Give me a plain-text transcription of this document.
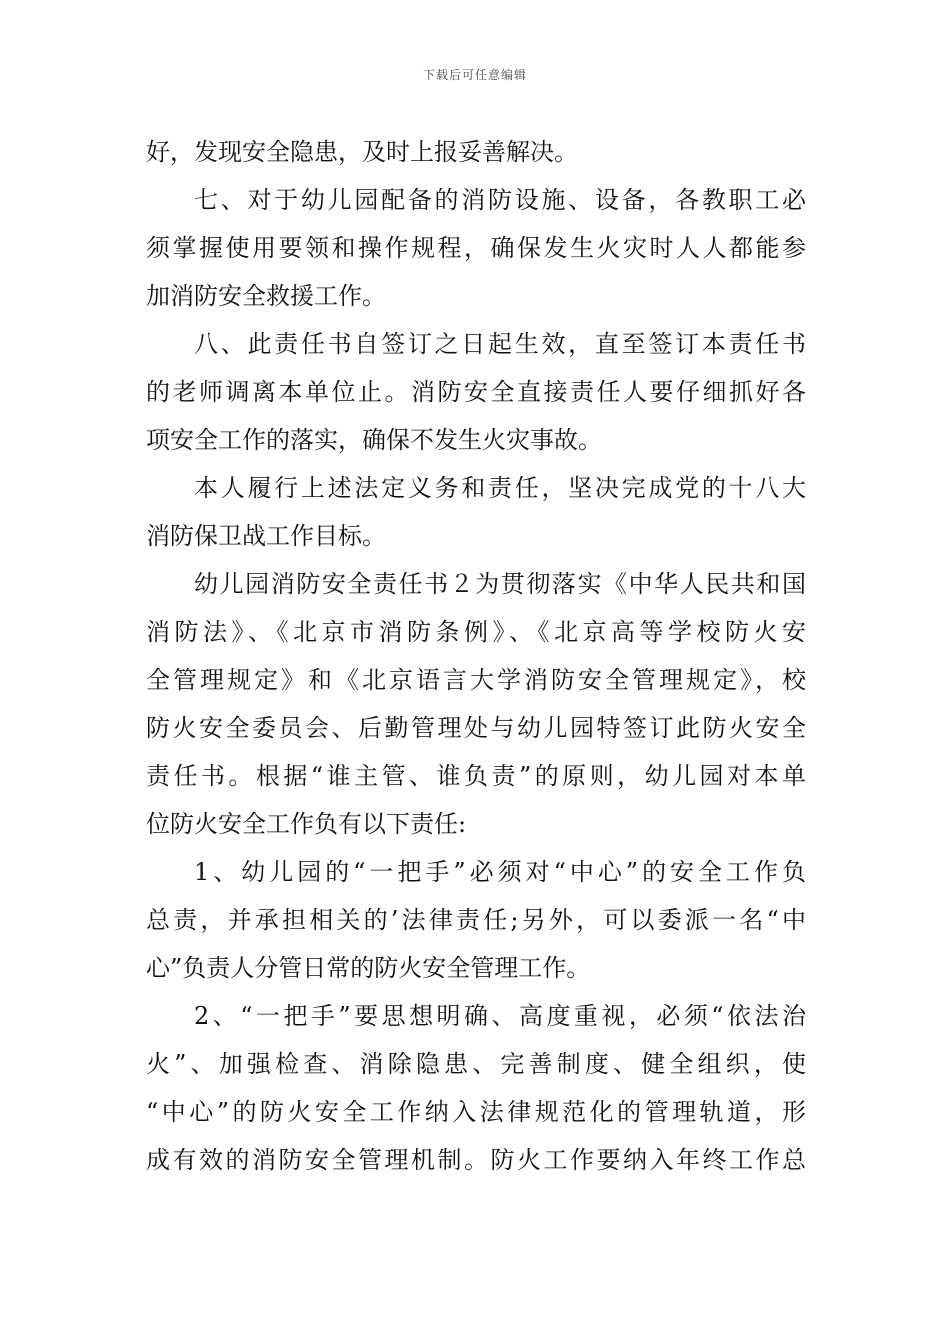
下载后可任意编辑
好，发现安全隐患，及时上报妥善解决。
七、对于幼儿园配备的消防设施、设备，各教职工必
须掌握使用要领和操作规程，确保发生火灾时人人都能参
加消防安全救援工作。
八、此责任书自签订之日起生效，直至签订本责任书
的老师调离本单位止。消防安全直接责任人要仔细抓好各
项安全工作的落实，确保不发生火灾事故。
本人履行上述法定义务和责任，坚决完成党的十八大
消防保卫战工作目标。
幼儿园消防安全责任书２为贯彻落实《中华人民共和国
消防法》、《北京市消防条例》、《北京高等学校防火安
全管理规定》和《北京语言大学消防安全管理规定》，校
防火安全委员会、后勤管理处与幼儿园特签订此防火安全
责任书。根据“谁主管、谁负责”的原则，幼儿园对本单
位防火安全工作负有以下责任:
1、幼儿园的“一把手”必须对“中心”的安全工作负
总责，并承担相关的’法律责任;另外，可以委派一名“中
心”负责人分管日常的防火安全管理工作。
2、“一把手”要思想明确、高度重视，必须“依法治
火”、加强检查、消除隐患、完善制度、健全组织，使
“中心”的防火安全工作纳入法律规范化的管理轨道，形
成有效的消防安全管理机制。防火工作要纳入年终工作总
